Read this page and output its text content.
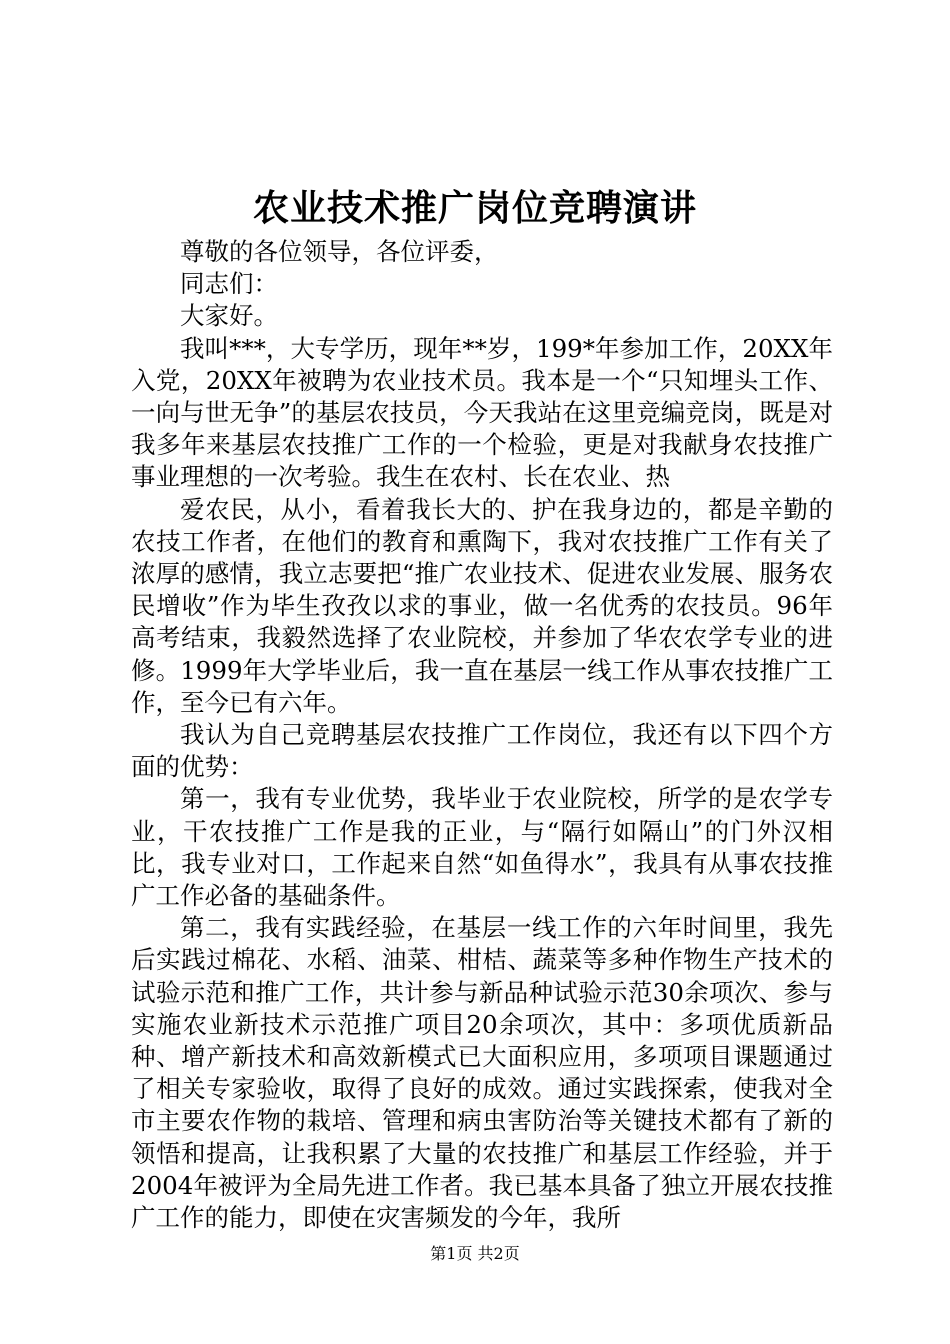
农业技术推广岗位竞聘演讲

尊敬的各位领导，各位评委，

同志们：

大家好。

我叫***，大专学历，现年**岁，199*年参加工作，20XX年入党，20XX年被聘为农业技术员。我本是一个“只知埋头工作、一向与世无争”的基层农技员，今天我站在这里竞编竞岗，既是对我多年来基层农技推广工作的一个检验，更是对我献身农技推广事业理想的一次考验。我生在农村、长在农业、热

爱农民，从小，看着我长大的、护在我身边的，都是辛勤的农技工作者，在他们的教育和熏陶下，我对农技推广工作有关了浓厚的感情，我立志要把“推广农业技术、促进农业发展、服务农民增收”作为毕生孜孜以求的事业，做一名优秀的农技员。96年高考结束，我毅然选择了农业院校，并参加了华农农学专业的进修。1999年大学毕业后，我一直在基层一线工作从事农技推广工作，至今已有六年。

我认为自己竞聘基层农技推广工作岗位，我还有以下四个方面的优势：

第一，我有专业优势，我毕业于农业院校，所学的是农学专业，干农技推广工作是我的正业，与“隔行如隔山”的门外汉相比，我专业对口，工作起来自然“如鱼得水”，我具有从事农技推广工作必备的基础条件。

第二，我有实践经验，在基层一线工作的六年时间里，我先后实践过棉花、水稻、油菜、柑桔、蔬菜等多种作物生产技术的试验示范和推广工作，共计参与新品种试验示范30余项次、参与实施农业新技术示范推广项目20余项次，其中：多项优质新品种、增产新技术和高效新模式已大面积应用，多项项目课题通过了相关专家验收，取得了良好的成效。通过实践探索，使我对全市主要农作物的栽培、管理和病虫害防治等关键技术都有了新的领悟和提高，让我积累了大量的农技推广和基层工作经验，并于2004年被评为全局先进工作者。我已基本具备了独立开展农技推广工作的能力，即使在灾害频发的今年，我所

第1页 共2页
